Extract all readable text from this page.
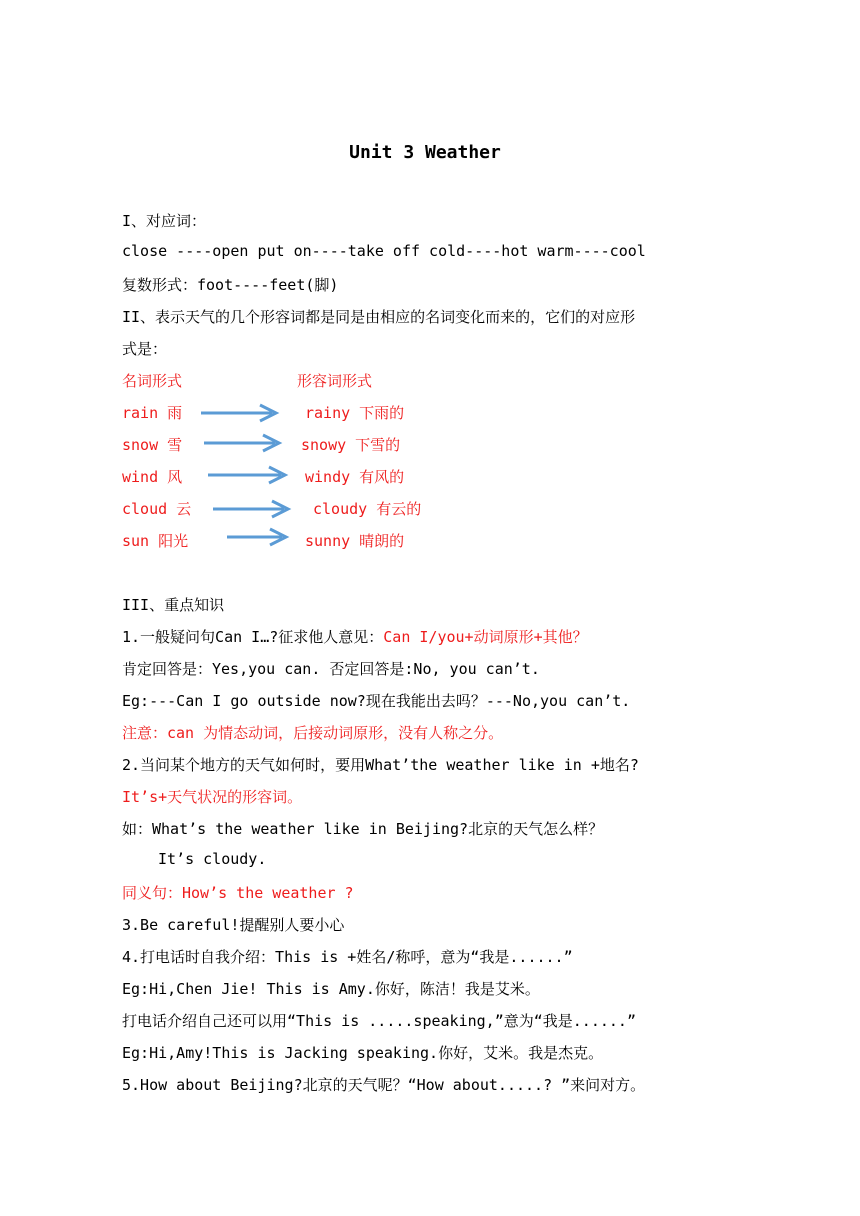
Unit 3 Weather
I、对应词：
close ----open put on----take off cold----hot warm----cool
复数形式：foot----feet(脚)
II、表示天气的几个形容词都是同是由相应的名词变化而来的，它们的对应形
式是：
名词形式	形容词形式
rain 雨	rainy 下雨的
snow 雪	snowy 下雪的
wind 风	windy 有风的
cloud 云	cloudy 有云的
sun 阳光	sunny 晴朗的
III、重点知识
1.一般疑问句Can I…?征求他人意见：Can I/you+动词原形+其他？
肯定回答是：Yes,you can. 否定回答是:No, you can’t.
Eg:---Can I go outside now?现在我能出去吗？---No,you can’t.
注意：can 为情态动词，后接动词原形，没有人称之分。
2.当问某个地方的天气如何时，要用What’the weather like in +地名?
It’s+天气状况的形容词。
如：What’s the weather like in Beijing?北京的天气怎么样？
It’s cloudy.
同义句：How’s the weather ?
3.Be careful!提醒别人要小心
4.打电话时自我介绍：This is +姓名/称呼，意为“我是......”
Eg:Hi,Chen Jie! This is Amy.你好，陈洁！我是艾米。
打电话介绍自己还可以用“This is .....speaking,”意为“我是......”
Eg:Hi,Amy!This is Jacking speaking.你好，艾米。我是杰克。
5.How about Beijing?北京的天气呢？“How about.....? ”来问对方。
